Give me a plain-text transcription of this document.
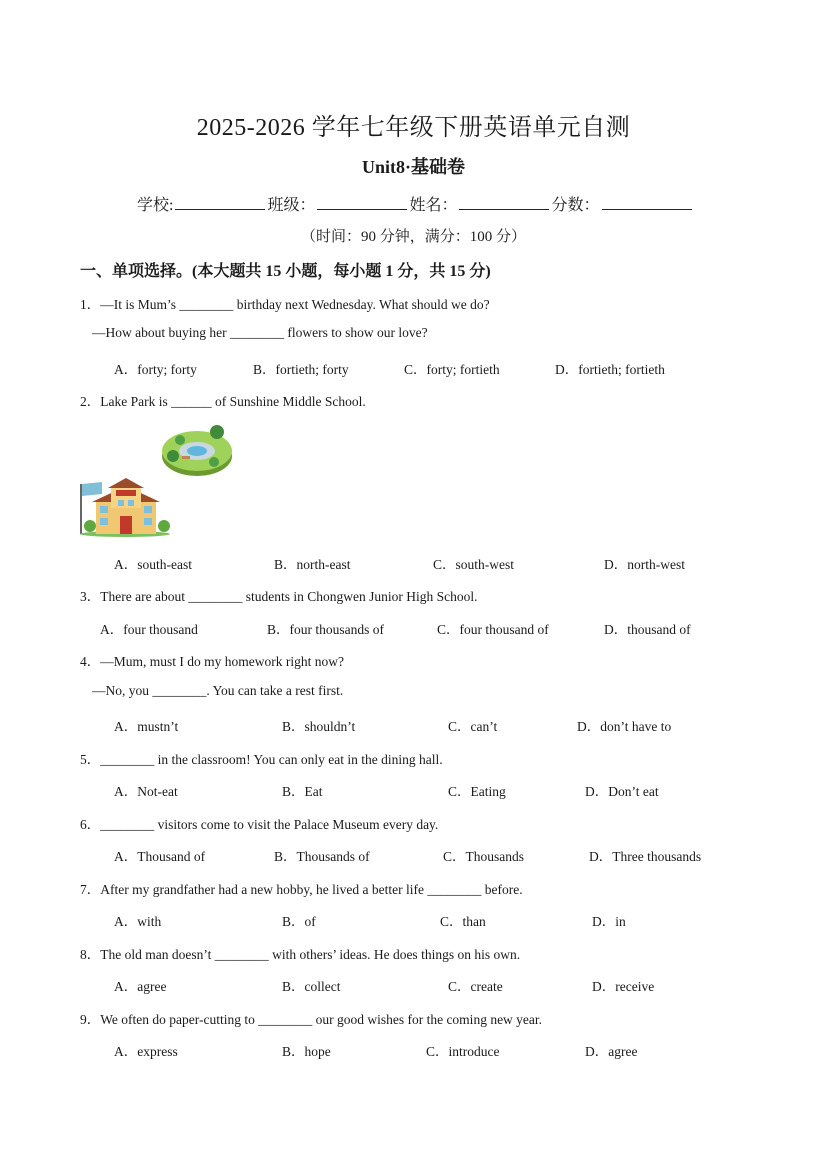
2025-2026 学年七年级下册英语单元自测
Unit8·基础卷
学校:	班级：	姓名：	分数：
（时间：90 分钟，满分：100 分）
一、单项选择。(本大题共 15 小题，每小题 1 分，共 15 分)
1．—It is Mum’s ________ birthday next Wednesday. What should we do?
—How about buying her ________ flowers to show our love?
A．forty; forty	B．fortieth; forty	C．forty; fortieth	D．fortieth; fortieth
2．Lake Park is ______ of Sunshine Middle School.
A．south-east	B．north-east	C．south-west	D．north-west
3．There are about ________ students in Chongwen Junior High School.
A．four thousand	B．four thousands of	C．four thousand of	D．thousand of
4．—Mum, must I do my homework right now?
—No, you ________. You can take a rest first.
A．mustn’t	B．shouldn’t	C．can’t	D．don’t have to
5．________ in the classroom! You can only eat in the dining hall.
A．Not-eat	B．Eat	C．Eating	D．Don’t eat
6．________ visitors come to visit the Palace Museum every day.
A．Thousand of	B．Thousands of	C．Thousands	D．Three thousands
7．After my grandfather had a new hobby, he lived a better life ________ before.
A．with	B．of	C．than	D．in
8．The old man doesn’t ________ with others’ ideas. He does things on his own.
A．agree	B．collect	C．create	D．receive
9．We often do paper-cutting to ________ our good wishes for the coming new year.
A．express	B．hope	C．introduce	D．agree
